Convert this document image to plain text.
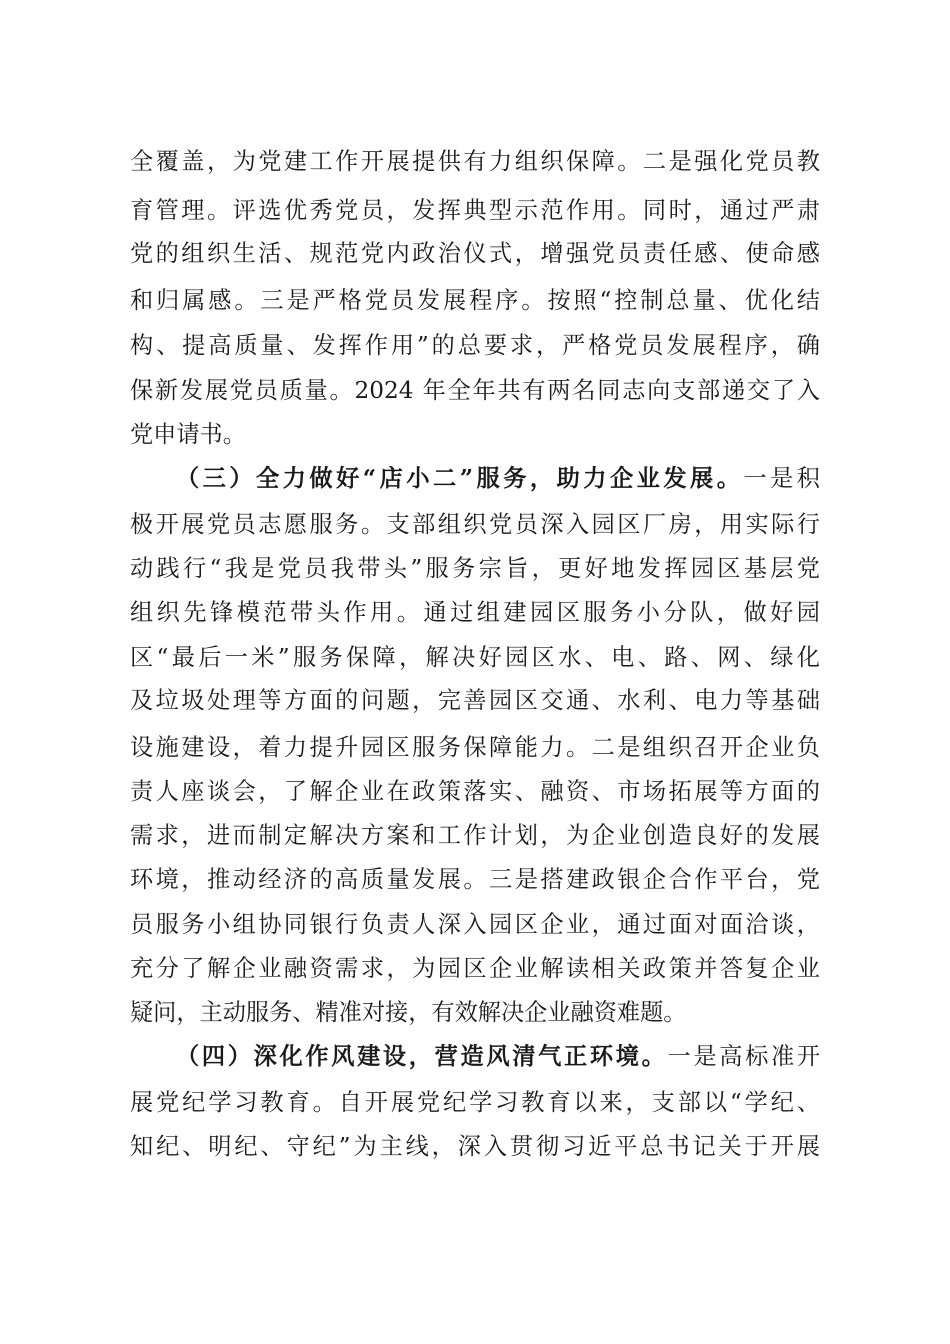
全覆盖，为党建工作开展提供有力组织保障。二是强化党员教
育管理。评选优秀党员，发挥典型示范作用。同时，通过严肃
党的组织生活、规范党内政治仪式，增强党员责任感、使命感
和归属感。三是严格党员发展程序。按照“控制总量、优化结
构、提高质量、发挥作用”的总要求，严格党员发展程序，确
保新发展党员质量。2024 年全年共有两名同志向支部递交了入
党申请书。
（三）全力做好“店小二”服务，助力企业发展。一是积
极开展党员志愿服务。支部组织党员深入园区厂房，用实际行
动践行“我是党员我带头”服务宗旨，更好地发挥园区基层党
组织先锋模范带头作用。通过组建园区服务小分队，做好园
区“最后一米”服务保障，解决好园区水、电、路、网、绿化
及垃圾处理等方面的问题，完善园区交通、水利、电力等基础
设施建设，着力提升园区服务保障能力。二是组织召开企业负
责人座谈会，了解企业在政策落实、融资、市场拓展等方面的
需求，进而制定解决方案和工作计划，为企业创造良好的发展
环境，推动经济的高质量发展。三是搭建政银企合作平台，党
员服务小组协同银行负责人深入园区企业，通过面对面洽谈，
充分了解企业融资需求，为园区企业解读相关政策并答复企业
疑问，主动服务、精准对接，有效解决企业融资难题。
（四）深化作风建设，营造风清气正环境。一是高标准开
展党纪学习教育。自开展党纪学习教育以来，支部以“学纪、
知纪、明纪、守纪”为主线，深入贯彻习近平总书记关于开展
